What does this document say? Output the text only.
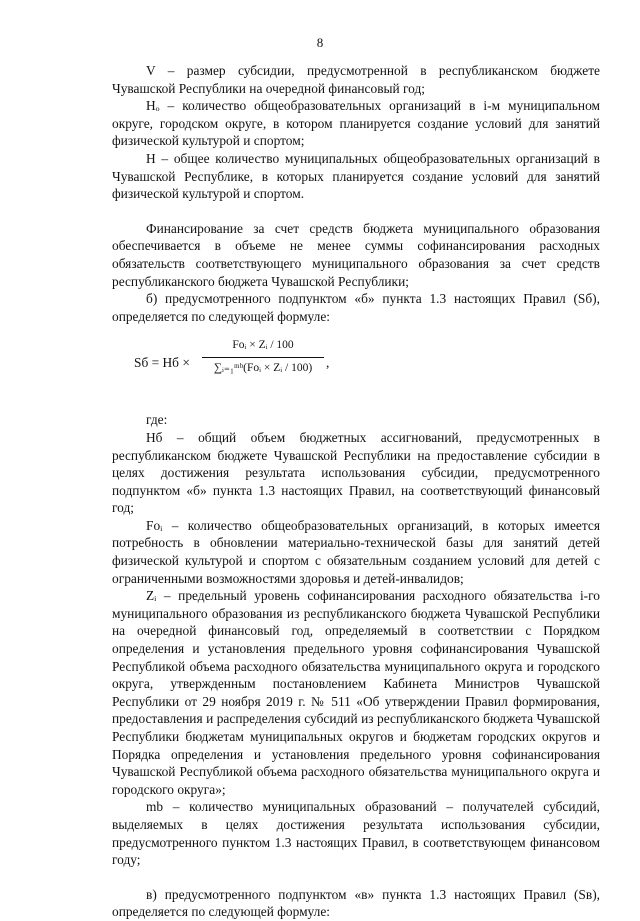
8

V – размер субсидии, предусмотренной в республиканском бюджете Чувашской Республики на очередной финансовый год;

Hₒ – количество общеобразовательных организаций в i-м муниципальном округе, городском округе, в котором планируется создание условий для занятий физической культурой и спортом;

H – общее количество муниципальных общеобразовательных организаций в Чувашской Республике, в которых планируется создание условий для занятий физической культурой и спортом.

Финансирование за счет средств бюджета муниципального образования обеспечивается в объеме не менее суммы софинансирования расходных обязательств соответствующего муниципального образования за счет средств республиканского бюджета Чувашской Республики;

б) предусмотренного подпунктом «б» пункта 1.3 настоящих Правил (Sб), определяется по следующей формуле:

Sб = Hб ×
Foᵢ × Zᵢ / 100
∑ᵢ₌₁ᵐᵇ(Foᵢ × Zᵢ / 100)	,

где:

Hб – общий объем бюджетных ассигнований, предусмотренных в республиканском бюджете Чувашской Республики на предоставление субсидии в целях достижения результата использования субсидии, предусмотренного подпунктом «б» пункта 1.3 настоящих Правил, на соответствующий финансовый год;

Foᵢ – количество общеобразовательных организаций, в которых имеется потребность в обновлении материально-технической базы для занятий детей физической культурой и спортом с обязательным созданием условий для детей с ограниченными возможностями здоровья и детей-инвалидов;

Zᵢ – предельный уровень софинансирования расходного обязательства i-го муниципального образования из республиканского бюджета Чувашской Республики на очередной финансовый год, определяемый в соответствии с Порядком определения и установления предельного уровня софинансирования Чувашской Республикой объема расходного обязательства муниципального округа и городского округа, утвержденным постановлением Кабинета Министров Чувашской Республики от 29 ноября 2019 г. № 511 «Об утверждении Правил формирования, предоставления и распределения субсидий из республиканского бюджета Чувашской Республики бюджетам муниципальных округов и бюджетам городских округов и Порядка определения и установления предельного уровня софинансирования Чувашской Республикой объема расходного обязательства муниципального округа и городского округа»;

mb – количество муниципальных образований – получателей субсидий, выделяемых в целях достижения результата использования субсидии, предусмотренного пунктом 1.3 настоящих Правил, в соответствующем финансовом году;

в) предусмотренного подпунктом «в» пункта 1.3 настоящих Правил (Sв), определяется по следующей формуле:
